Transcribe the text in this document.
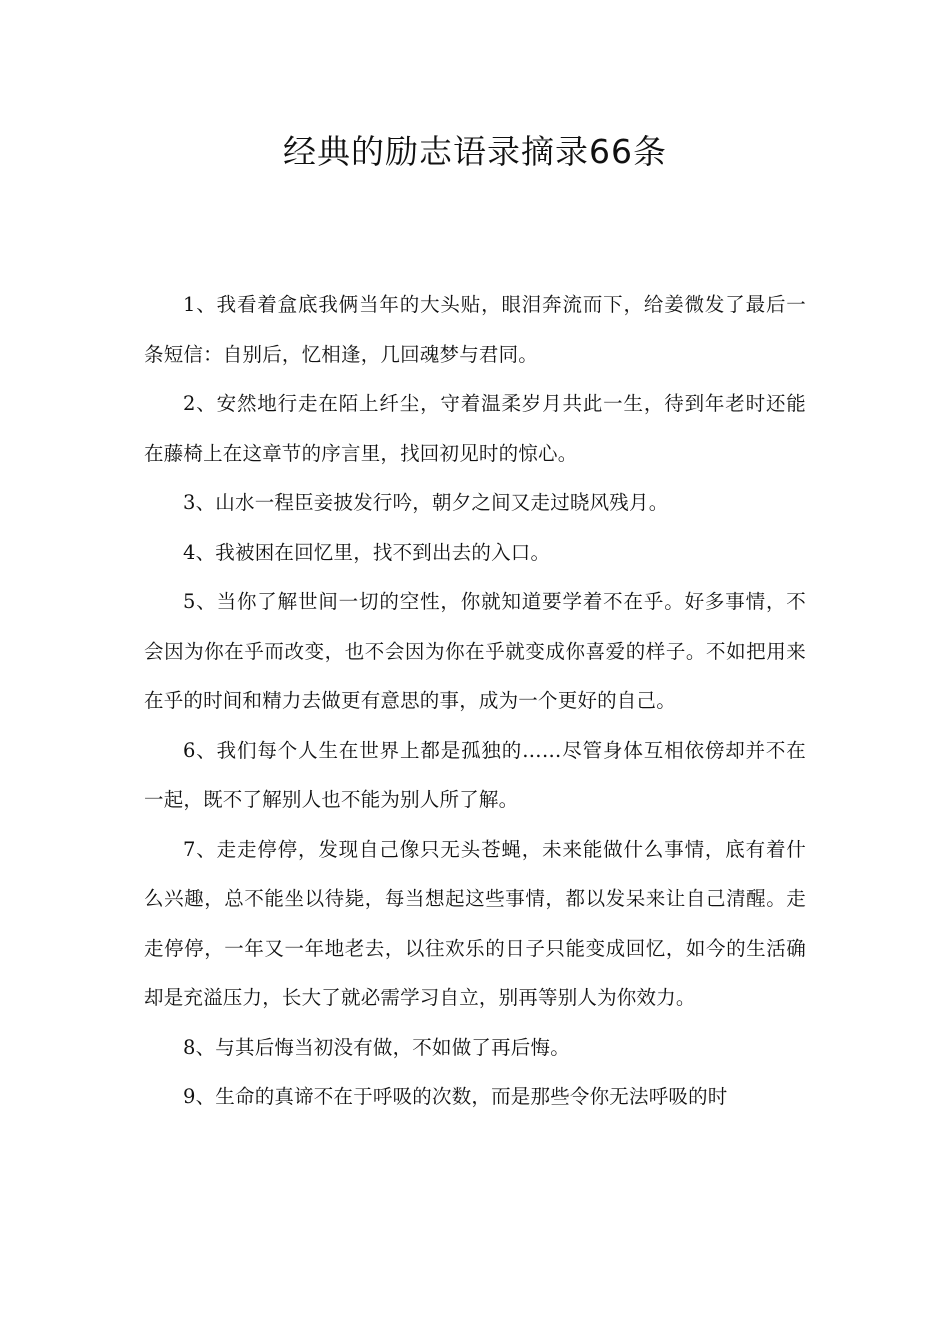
经典的励志语录摘录66条

1、我看着盒底我俩当年的大头贴，眼泪奔流而下，给姜微发了最后一条短信：自别后，忆相逢，几回魂梦与君同。

2、安然地行走在陌上纤尘，守着温柔岁月共此一生，待到年老时还能在藤椅上在这章节的序言里，找回初见时的惊心。

3、山水一程臣妾披发行吟，朝夕之间又走过晓风残月。

4、我被困在回忆里，找不到出去的入口。

5、当你了解世间一切的空性，你就知道要学着不在乎。好多事情，不会因为你在乎而改变，也不会因为你在乎就变成你喜爱的样子。不如把用来在乎的时间和精力去做更有意思的事，成为一个更好的自己。

6、我们每个人生在世界上都是孤独的……尽管身体互相依傍却并不在一起，既不了解别人也不能为别人所了解。

7、走走停停，发现自己像只无头苍蝇，未来能做什么事情，底有着什么兴趣，总不能坐以待毙，每当想起这些事情，都以发呆来让自己清醒。走走停停，一年又一年地老去，以往欢乐的日子只能变成回忆，如今的生活确却是充溢压力，长大了就必需学习自立，别再等别人为你效力。

8、与其后悔当初没有做，不如做了再后悔。

9、生命的真谛不在于呼吸的次数，而是那些令你无法呼吸的时
